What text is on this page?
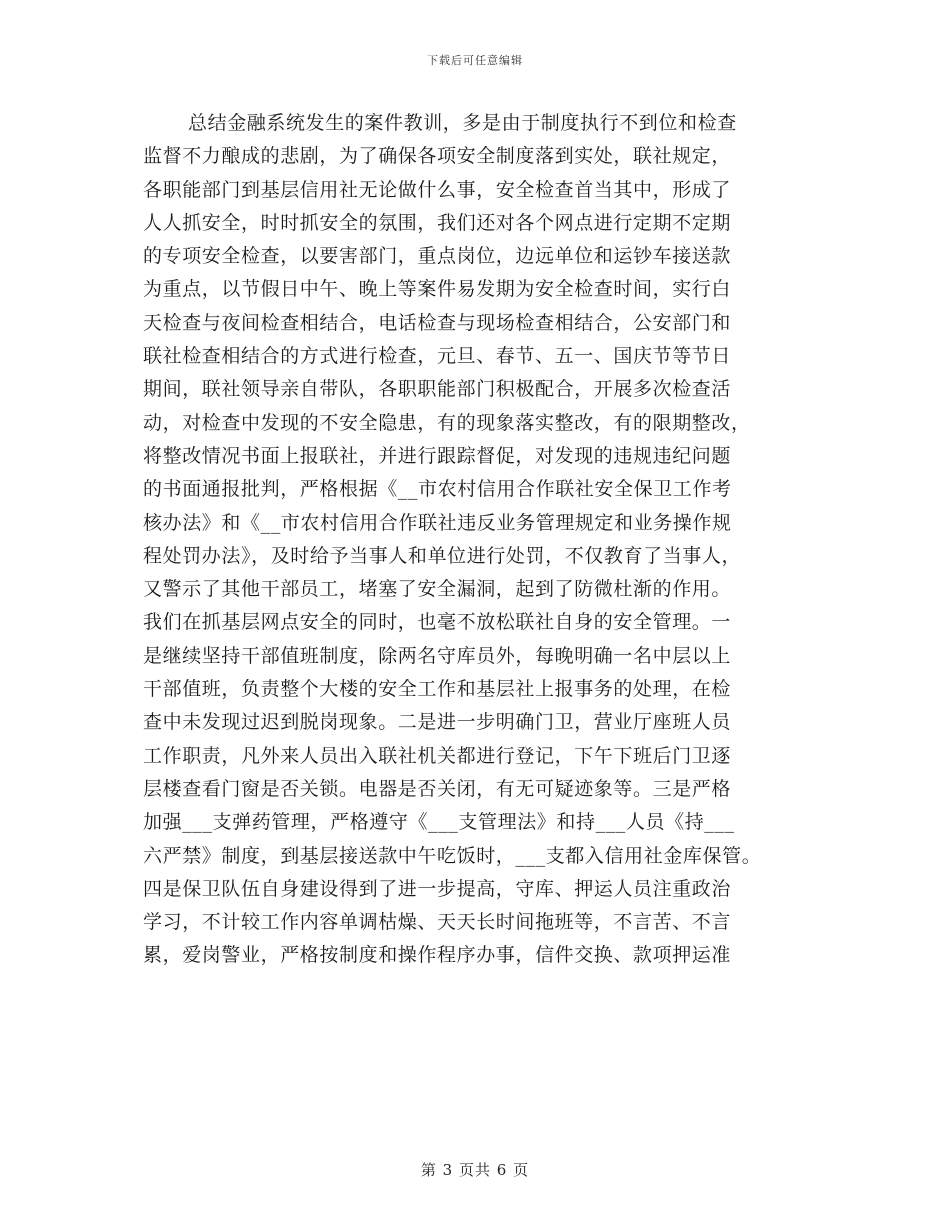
下载后可任意编辑
总结金融系统发生的案件教训，多是由于制度执行不到位和检查
监督不力酿成的悲剧，为了确保各项安全制度落到实处，联社规定，
各职能部门到基层信用社无论做什么事，安全检查首当其中，形成了
人人抓安全，时时抓安全的氛围，我们还对各个网点进行定期不定期
的专项安全检查，以要害部门，重点岗位，边远单位和运钞车接送款
为重点，以节假日中午、晚上等案件易发期为安全检查时间，实行白
天检查与夜间检查相结合，电话检查与现场检查相结合，公安部门和
联社检查相结合的方式进行检查，元旦、春节、五一、国庆节等节日
期间，联社领导亲自带队，各职职能部门积极配合，开展多次检查活
动，对检查中发现的不安全隐患，有的现象落实整改，有的限期整改，
将整改情况书面上报联社，并进行跟踪督促，对发现的违规违纪问题
的书面通报批判，严格根据《__市农村信用合作联社安全保卫工作考
核办法》和《__市农村信用合作联社违反业务管理规定和业务操作规
程处罚办法》，及时给予当事人和单位进行处罚，不仅教育了当事人，
又警示了其他干部员工，堵塞了安全漏洞，起到了防微杜渐的作用。
我们在抓基层网点安全的同时，也毫不放松联社自身的安全管理。一
是继续坚持干部值班制度，除两名守库员外，每晚明确一名中层以上
干部值班，负责整个大楼的安全工作和基层社上报事务的处理，在检
查中未发现过迟到脱岗现象。二是进一步明确门卫，营业厅座班人员
工作职责，凡外来人员出入联社机关都进行登记，下午下班后门卫逐
层楼查看门窗是否关锁。电器是否关闭，有无可疑迹象等。三是严格
加强___支弹药管理，严格遵守《___支管理法》和持___人员《持___
六严禁》制度，到基层接送款中午吃饭时，___支都入信用社金库保管。
四是保卫队伍自身建设得到了进一步提高，守库、押运人员注重政治
学习，不计较工作内容单调枯燥、天天长时间拖班等，不言苦、不言
累，爱岗警业，严格按制度和操作程序办事，信件交换、款项押运准
第 3 页共 6 页
